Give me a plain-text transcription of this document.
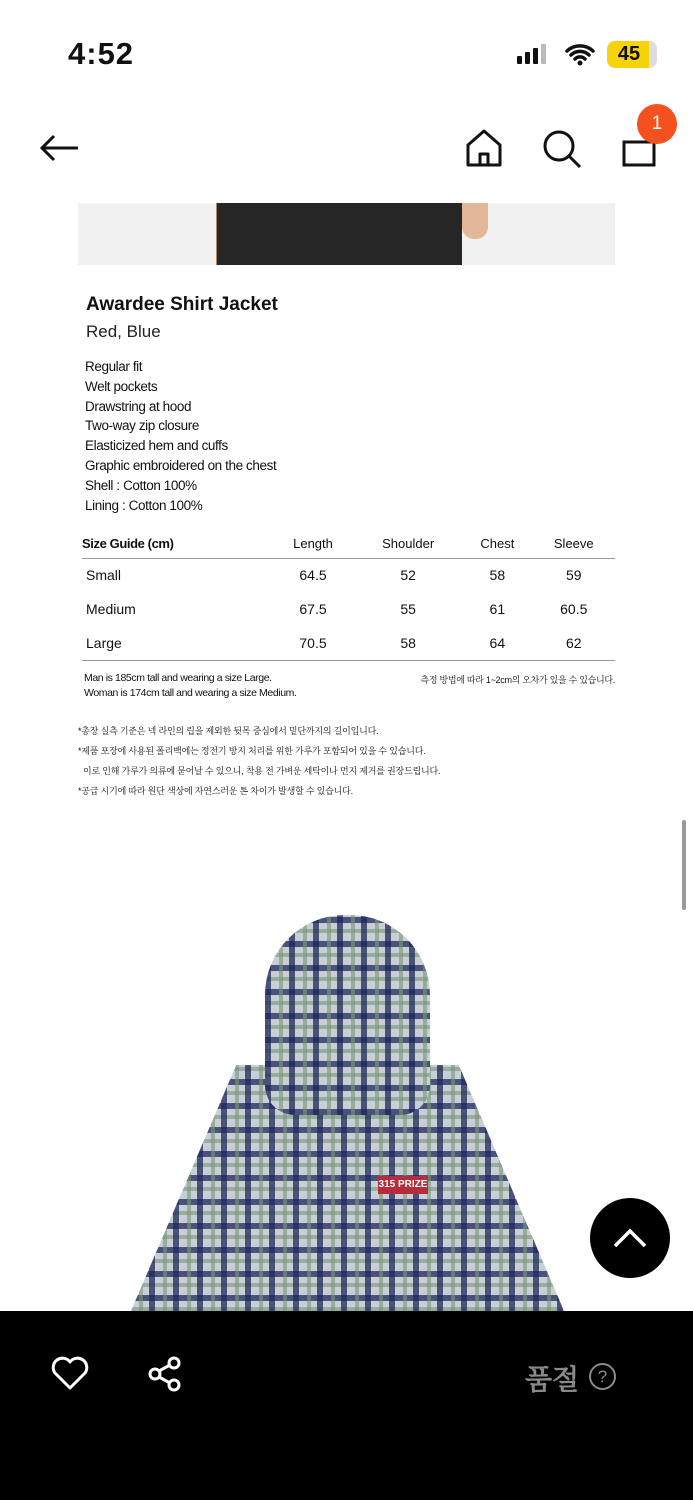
4:52	45
1
Awardee Shirt Jacket
Red, Blue
Regular fit
Welt pockets
Drawstring at hood
Two-way zip closure
Elasticized hem and cuffs
Graphic embroidered on the chest
Shell : Cotton 100%
Lining : Cotton 100%
Size Guide (cm)	Length	Shoulder	Chest	Sleeve
Small	64.5	52	58	59
Medium	67.5	55	61	60.5
Large	70.5	58	64	62
Man is 185cm tall and wearing a size Large.
Woman is 174cm tall and wearing a size Medium.
측정 방법에 따라 1~2cm의 오차가 있을 수 있습니다.
*총장 실측 기준은 넥 라인의 립을 제외한 뒷목 중심에서 밑단까지의 길이입니다.
*제품 포장에 사용된 폴리백에는 정전기 방지 처리를 위한 가루가 포함되어 있을 수 있습니다.
이로 인해 가루가 의류에 묻어날 수 있으니, 착용 전 가벼운 세탁이나 먼지 제거를 권장드립니다.
*공급 시기에 따라 원단 색상에 자연스러운 톤 차이가 발생할 수 있습니다.
315 PRIZE
품절	?
